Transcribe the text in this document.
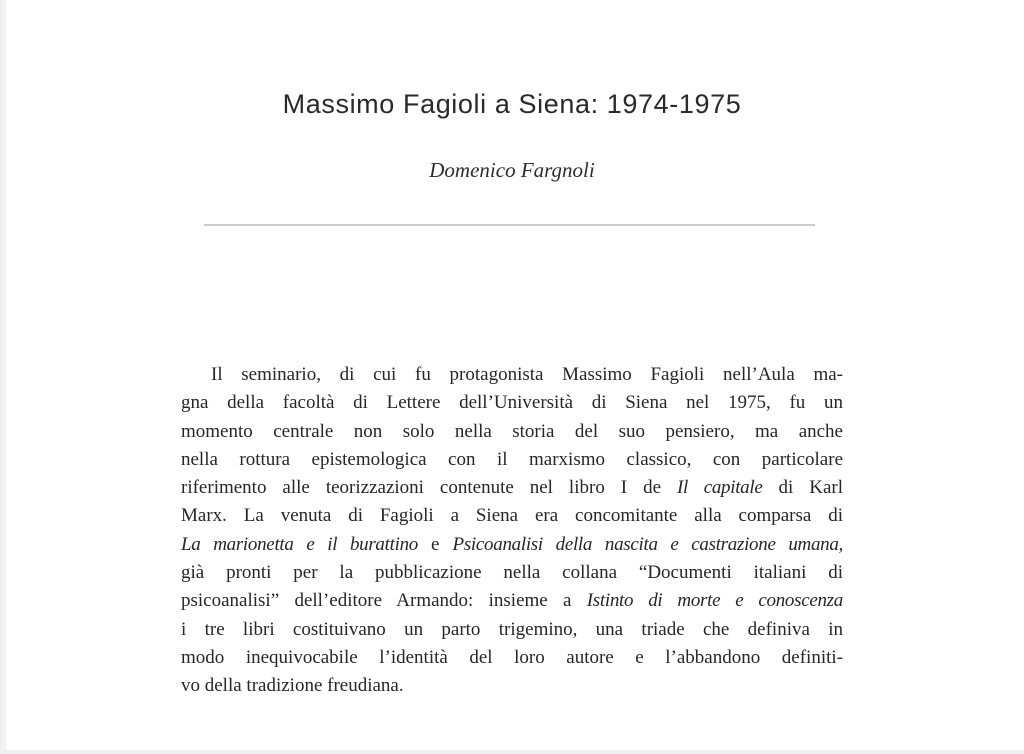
Massimo Fagioli a Siena: 1974-1975
Domenico Fargnoli
Il seminario, di cui fu protagonista Massimo Fagioli nell’Aula ma-
gna della facoltà di Lettere dell’Università di Siena nel 1975, fu un
momento centrale non solo nella storia del suo pensiero, ma anche
nella rottura epistemologica con il marxismo classico, con particolare
riferimento alle teorizzazioni contenute nel libro I de Il capitale di Karl
Marx. La venuta di Fagioli a Siena era concomitante alla comparsa di
La marionetta e il burattino e Psicoanalisi della nascita e castrazione umana,
già pronti per la pubblicazione nella collana “Documenti italiani di
psicoanalisi” dell’editore Armando: insieme a Istinto di morte e conoscenza
i tre libri costituivano un parto trigemino, una triade che definiva in
modo inequivocabile l’identità del loro autore e l’abbandono definiti-
vo della tradizione freudiana.
